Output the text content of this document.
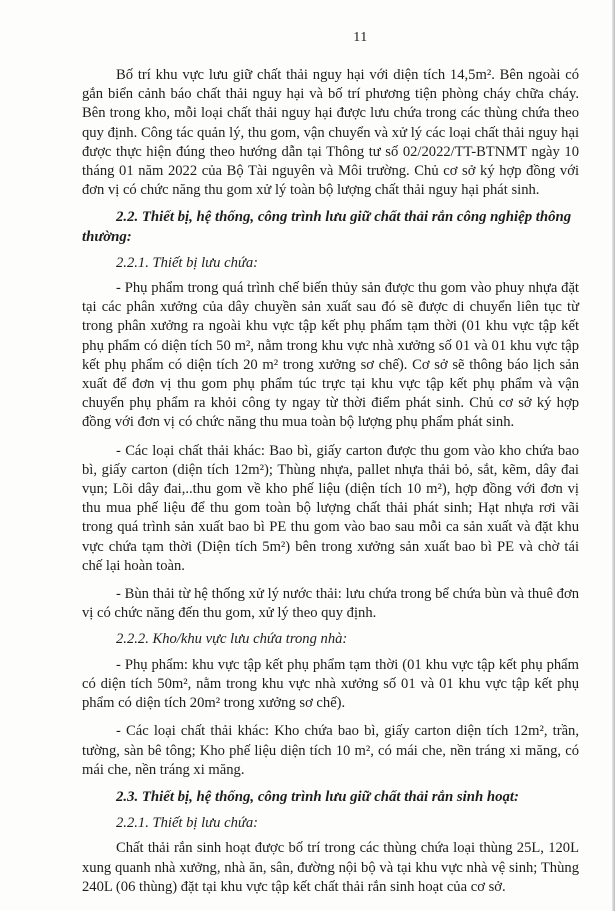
11

Bố trí khu vực lưu giữ chất thải nguy hại với diện tích 14,5m². Bên ngoài có gắn biển cảnh báo chất thải nguy hại và bố trí phương tiện phòng cháy chữa cháy. Bên trong kho, mỗi loại chất thải nguy hại được lưu chứa trong các thùng chứa theo quy định. Công tác quản lý, thu gom, vận chuyển và xử lý các loại chất thải nguy hại được thực hiện đúng theo hướng dẫn tại Thông tư số 02/2022/TT-BTNMT ngày 10 tháng 01 năm 2022 của Bộ Tài nguyên và Môi trường. Chủ cơ sở ký hợp đồng với đơn vị có chức năng thu gom xử lý toàn bộ lượng chất thải nguy hại phát sinh.

2.2. Thiết bị, hệ thống, công trình lưu giữ chất thải rắn công nghiệp thông thường:
2.2.1. Thiết bị lưu chứa:

- Phụ phẩm trong quá trình chế biến thủy sản được thu gom vào phuy nhựa đặt tại các phân xưởng của dây chuyền sản xuất sau đó sẽ được di chuyển liên tục từ trong phân xưởng ra ngoài khu vực tập kết phụ phẩm tạm thời (01 khu vực tập kết phụ phẩm có diện tích 50 m², nằm trong khu vực nhà xưởng số 01 và 01 khu vực tập kết phụ phẩm có diện tích 20 m² trong xưởng sơ chế). Cơ sở sẽ thông báo lịch sản xuất để đơn vị thu gom phụ phẩm túc trực tại khu vực tập kết phụ phẩm và vận chuyển phụ phẩm ra khỏi công ty ngay từ thời điểm phát sinh. Chủ cơ sở ký hợp đồng với đơn vị có chức năng thu mua toàn bộ lượng phụ phẩm phát sinh.

- Các loại chất thải khác: Bao bì, giấy carton được thu gom vào kho chứa bao bì, giấy carton (diện tích 12m²); Thùng nhựa, pallet nhựa thải bỏ, sắt, kẽm, dây đai vụn; Lõi dây đai,..thu gom về kho phế liệu (diện tích 10 m²), hợp đồng với đơn vị thu mua phế liệu để thu gom toàn bộ lượng chất thải phát sinh; Hạt nhựa rơi vãi trong quá trình sản xuất bao bì PE thu gom vào bao sau mỗi ca sản xuất và đặt khu vực chứa tạm thời (Diện tích 5m²) bên trong xưởng sản xuất bao bì PE và chờ tái chế lại hoàn toàn.

- Bùn thải từ hệ thống xử lý nước thải: lưu chứa trong bể chứa bùn và thuê đơn vị có chức năng đến thu gom, xử lý theo quy định.

2.2.2. Kho/khu vực lưu chứa trong nhà:

- Phụ phẩm: khu vực tập kết phụ phẩm tạm thời (01 khu vực tập kết phụ phẩm có diện tích 50m², nằm trong khu vực nhà xưởng số 01 và 01 khu vực tập kết phụ phẩm có diện tích 20m² trong xưởng sơ chế).

- Các loại chất thải khác: Kho chứa bao bì, giấy carton diện tích 12m², trần, tường, sàn bê tông; Kho phế liệu diện tích 10 m², có mái che, nền tráng xi măng, có mái che, nền tráng xi măng.

2.3. Thiết bị, hệ thống, công trình lưu giữ chất thải rắn sinh hoạt:
2.2.1. Thiết bị lưu chứa:

Chất thải rắn sinh hoạt được bố trí trong các thùng chứa loại thùng 25L, 120L xung quanh nhà xưởng, nhà ăn, sân, đường nội bộ và tại khu vực nhà vệ sinh; Thùng 240L (06 thùng) đặt tại khu vực tập kết chất thải rắn sinh hoạt của cơ sở.
